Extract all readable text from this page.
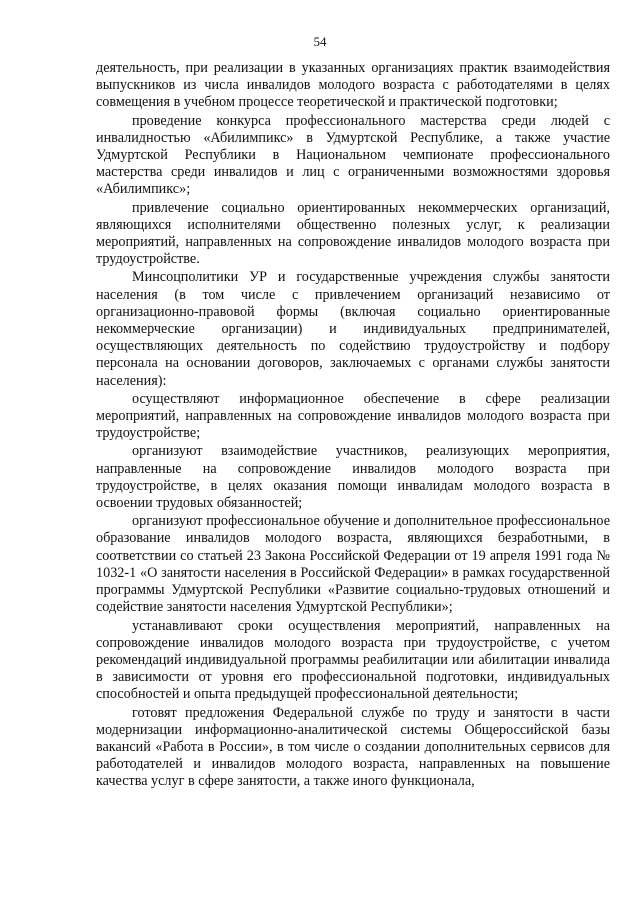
54

деятельность, при реализации в указанных организациях практик взаимодействия выпускников из числа инвалидов молодого возраста с работодателями в целях совмещения в учебном процессе теоретической и практической подготовки;

проведение конкурса профессионального мастерства среди людей с инвалидностью «Абилимпикс» в Удмуртской Республике, а также участие Удмуртской Республики в Национальном чемпионате профессионального мастерства среди инвалидов и лиц с ограниченными возможностями здоровья «Абилимпикс»;

привлечение социально ориентированных некоммерческих организаций, являющихся исполнителями общественно полезных услуг, к реализации мероприятий, направленных на сопровождение инвалидов молодого возраста при трудоустройстве.

Минсоцполитики УР и государственные учреждения службы занятости населения (в том числе с привлечением организаций независимо от организационно-правовой формы (включая социально ориентированные некоммерческие организации) и индивидуальных предпринимателей, осуществляющих деятельность по содействию трудоустройству и подбору персонала на основании договоров, заключаемых с органами службы занятости населения):

осуществляют информационное обеспечение в сфере реализации мероприятий, направленных на сопровождение инвалидов молодого возраста при трудоустройстве;

организуют взаимодействие участников, реализующих мероприятия, направленные на сопровождение инвалидов молодого возраста при трудоустройстве, в целях оказания помощи инвалидам молодого возраста в освоении трудовых обязанностей;

организуют профессиональное обучение и дополнительное профессиональное образование инвалидов молодого возраста, являющихся безработными, в соответствии со статьей 23 Закона Российской Федерации от 19 апреля 1991 года № 1032-1 «О занятости населения в Российской Федерации» в рамках государственной программы Удмуртской Республики «Развитие социально-трудовых отношений и содействие занятости населения Удмуртской Республики»;

устанавливают сроки осуществления мероприятий, направленных на сопровождение инвалидов молодого возраста при трудоустройстве, с учетом рекомендаций индивидуальной программы реабилитации или абилитации инвалида в зависимости от уровня его профессиональной подготовки, индивидуальных способностей и опыта предыдущей профессиональной деятельности;

готовят предложения Федеральной службе по труду и занятости в части модернизации информационно-аналитической системы Общероссийской базы вакансий «Работа в России», в том числе о создании дополнительных сервисов для работодателей и инвалидов молодого возраста, направленных на повышение качества услуг в сфере занятости, а также иного функционала,
